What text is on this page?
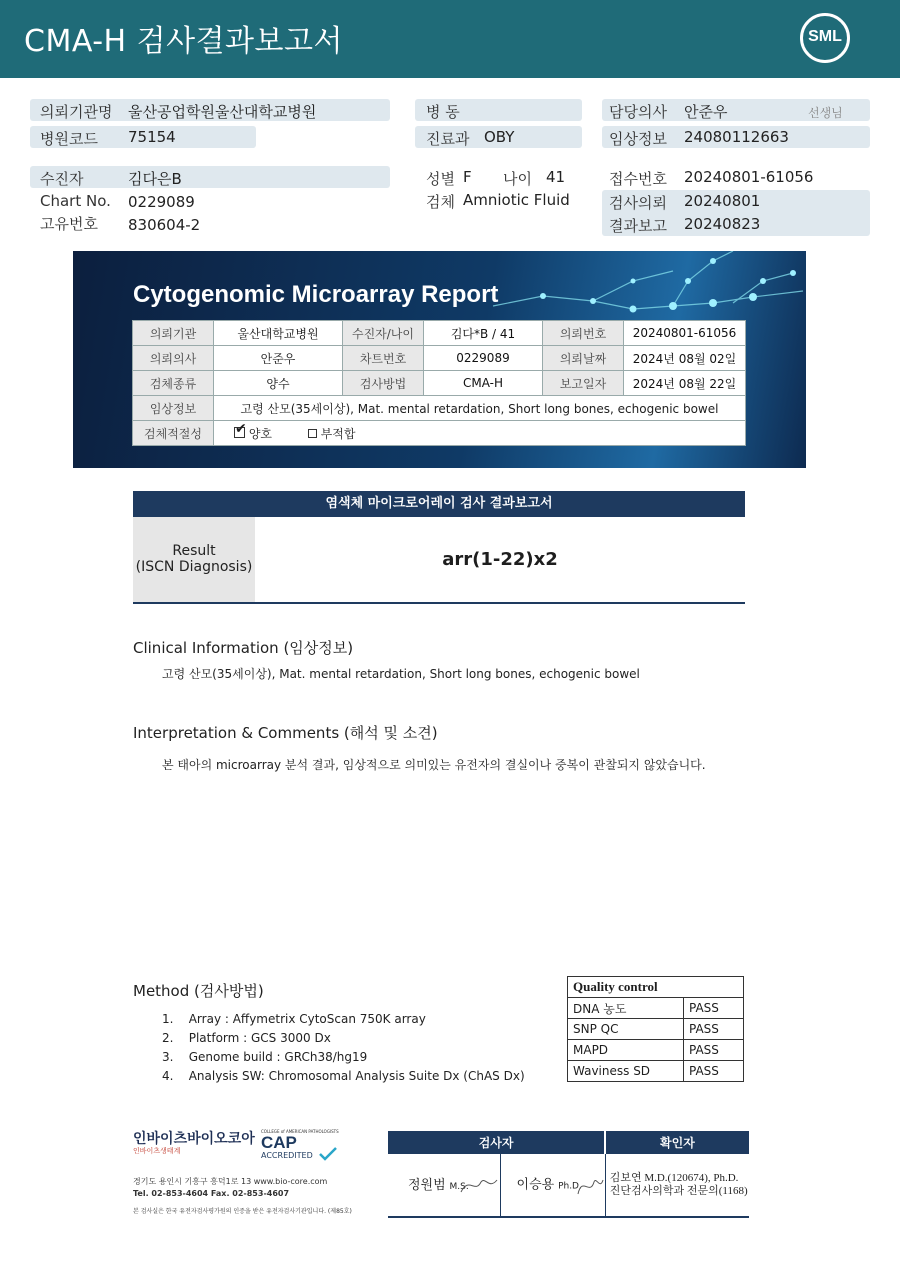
CMA-H 검사결과보고서	SML
의뢰기관명 울산공업학원울산대학교병원
병원코드 75154
병 동
진료과 OBY
담당의사 안준우	선생님
임상정보 24080112663
수진자	김다은B
Chart No. 0229089
고유번호 830604-2
성별 F 나이 41
검체 Amniotic Fluid
접수번호 20240801-61056
검사의뢰 20240801
결과보고 20240823
Cytogenomic Microarray Report
의뢰기관	울산대학교병원	수진자/나이	김다*B / 41	의뢰번호	20240801-61056
의뢰의사	안준우	차트번호	0229089	의뢰날짜	2024년 08월 02일
검체종류	양수	검사방법	CMA-H	보고일자	2024년 08월 22일
임상정보	고령 산모(35세이상), Mat. mental retardation, Short long bones, echogenic bowel				
검체적절성	✔ 양호 부적합				
염색체 마이크로어레이 검사 결과보고서
Result
(ISCN Diagnosis)	arr(1-22)x2
Clinical Information (임상정보)
고령 산모(35세이상), Mat. mental retardation, Short long bones, echogenic bowel
Interpretation & Comments (해석 및 소견)
본 태아의 microarray 분석 결과, 임상적으로 의미있는 유전자의 결실이나 중복이 관찰되지 않았습니다.
Method (검사방법)
1.    Array : Affymetrix CytoScan 750K array
2.    Platform : GCS 3000 Dx
3.    Genome build : GRCh38/hg19
4.    Analysis SW: Chromosomal Analysis Suite Dx (ChAS Dx)
Quality control	
DNA 농도	PASS
SNP QC	PASS
MAPD	PASS
Waviness SD	PASS
인바이츠바이오코아
인바이츠생태계
COLLEGE of AMERICAN PATHOLOGISTS
CAP
ACCREDITED
경기도 용인시 기흥구 흥덕1로 13 www.bio-core.com
Tel. 02-853-4604 Fax. 02-853-4607
본 검사실은 한국 유전자검사평가원의 인증을 받은 유전자검사기관입니다. (제85호)
검사자		확인자
정원범 M.S.	이승용 Ph.D.	김보연 M.D.(120674), Ph.D.
진단검사의학과 전문의(1168)
